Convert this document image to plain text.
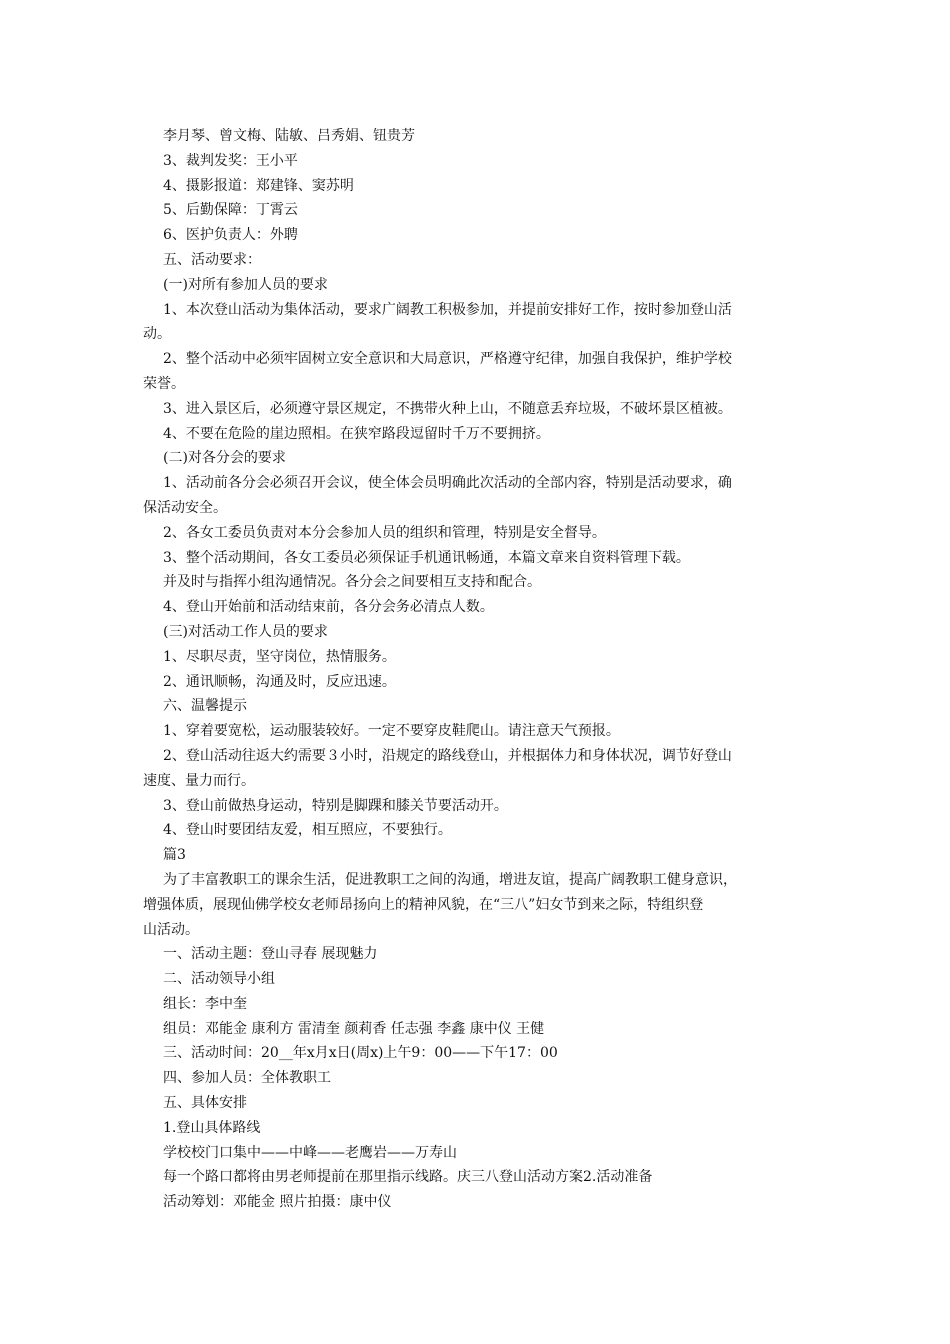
李月琴、曾文梅、陆敏、吕秀娟、钮贵芳

3、裁判发奖：王小平

4、摄影报道：郑建锋、窦苏明

5、后勤保障：丁霄云

6、医护负责人：外聘

五、活动要求：

(一)对所有参加人员的要求

1、本次登山活动为集体活动，要求广阔教工积极参加，并提前安排好工作，按时参加登山活

动。

2、整个活动中必须牢固树立安全意识和大局意识，严格遵守纪律，加强自我保护，维护学校

荣誉。

3、进入景区后，必须遵守景区规定，不携带火种上山，不随意丢弃垃圾，不破坏景区植被。

4、不要在危险的崖边照相。在狭窄路段逗留时千万不要拥挤。

(二)对各分会的要求

1、活动前各分会必须召开会议，使全体会员明确此次活动的全部内容，特别是活动要求，确

保活动安全。

2、各女工委员负责对本分会参加人员的组织和管理，特别是安全督导。

3、整个活动期间，各女工委员必须保证手机通讯畅通，本篇文章来自资料管理下载。

并及时与指挥小组沟通情况。各分会之间要相互支持和配合。

4、登山开始前和活动结束前，各分会务必清点人数。

(三)对活动工作人员的要求

1、尽职尽责，坚守岗位，热情服务。

2、通讯顺畅，沟通及时，反应迅速。

六、温馨提示

1、穿着要宽松，运动服装较好。一定不要穿皮鞋爬山。请注意天气预报。

2、登山活动往返大约需要３小时，沿规定的路线登山，并根据体力和身体状况，调节好登山

速度、量力而行。

3、登山前做热身运动，特别是脚踝和膝关节要活动开。

4、登山时要团结友爱，相互照应，不要独行。

篇3

为了丰富教职工的课余生活，促进教职工之间的沟通，增进友谊，提高广阔教职工健身意识，

增强体质，展现仙佛学校女老师昂扬向上的精神风貌，在“三八”妇女节到来之际，特组织登

山活动。

一、活动主题：登山寻春 展现魅力

二、活动领导小组

组长：李中奎

组员：邓能金 康利方 雷清奎 颜莉香 任志强 李鑫 康中仪 王健

三、活动时间：20__年x月x日(周x)上午9：00——下午17：00

四、参加人员：全体教职工

五、具体安排

1.登山具体路线

学校校门口集中——中峰——老鹰岩——万寿山

每一个路口都将由男老师提前在那里指示线路。庆三八登山活动方案2.活动准备

活动筹划：邓能金 照片拍摄：康中仪
